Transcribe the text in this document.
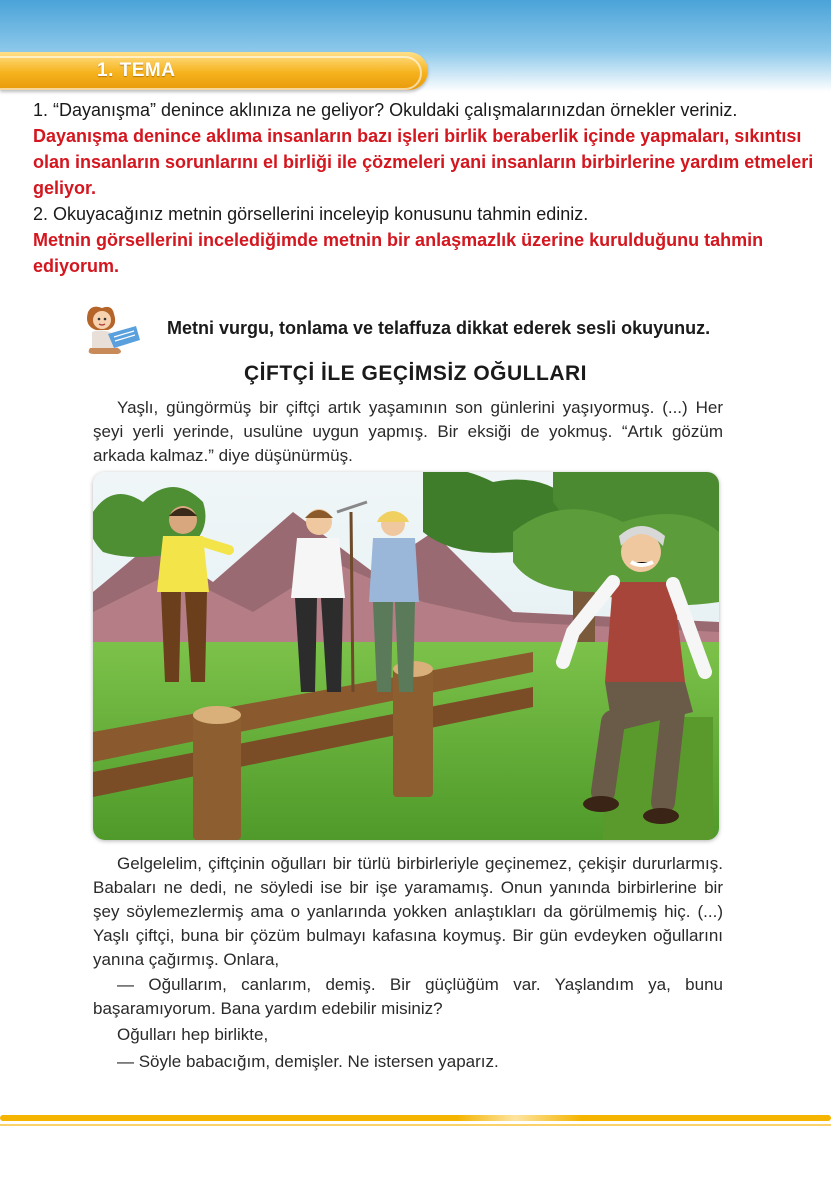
1. TEMA
1. “Dayanışma” denince aklınıza ne geliyor? Okuldaki çalışmalarınızdan örnekler veriniz.
Dayanışma denince aklıma insanların bazı işleri birlik beraberlik içinde yapmaları, sıkıntısı olan insanların sorunlarını el birliği ile çözmeleri yani insanların birbirlerine yardım etmeleri geliyor.
2. Okuyacağınız metnin görsellerini inceleyip konusunu tahmin ediniz.
Metnin görsellerini incelediğimde metnin bir anlaşmazlık üzerine kurulduğunu tahmin ediyorum.
Metni vurgu, tonlama ve telaffuza dikkat ederek sesli okuyunuz.
ÇİFTÇİ İLE GEÇİMSİZ OĞULLARI
Yaşlı, güngörmüş bir çiftçi artık yaşamının son günlerini yaşıyormuş. (...) Her şeyi yerli yerinde, usulüne uygun yapmış. Bir eksiği de yokmuş. “Artık gözüm arkada kalmaz.” diye düşünürmüş.
Gelgelelim, çiftçinin oğulları bir türlü birbirleriyle geçinemez, çekişir dururlarmış. Babaları ne dedi, ne söyledi ise bir işe yaramamış. Onun yanında birbirlerine bir şey söylemezlermiş ama o yanlarında yokken anlaştıkları da görülmemiş hiç. (...) Yaşlı çiftçi, buna bir çözüm bulmayı kafasına koymuş. Bir gün evdeyken oğullarını yanına çağırmış. Onlara,
— Oğullarım, canlarım, demiş. Bir güçlüğüm var. Yaşlandım ya, bunu başaramıyorum. Bana yardım edebilir misiniz?
Oğulları hep birlikte,
— Söyle babacığım, demişler. Ne istersen yaparız.
